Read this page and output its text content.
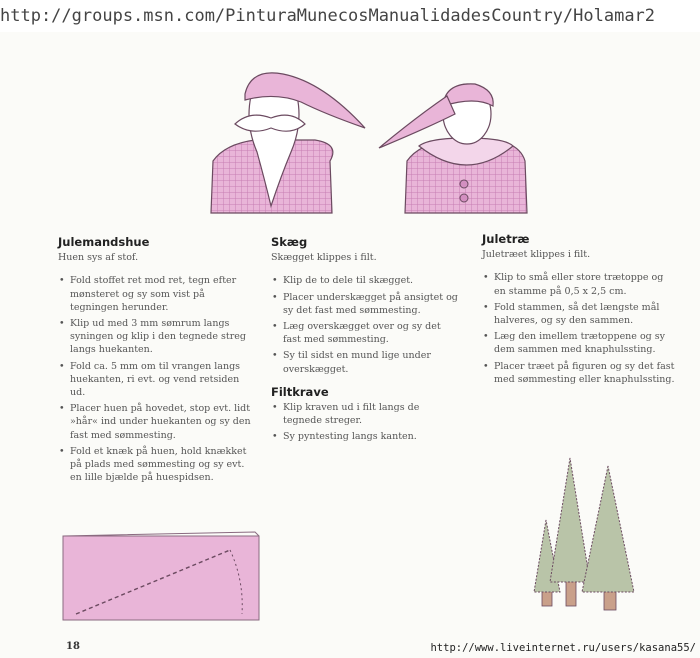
http://groups.msn.com/PinturaMunecosManualidadesCountry/Holamar2
Julemandshue
Huen sys af stof.
• Fold stoffet ret mod ret, tegn efter mønsteret og sy som vist på tegningen herunder.
• Klip ud med 3 mm sømrum langs syningen og klip i den tegnede streg langs huekanten.
• Fold ca. 5 mm om til vrangen langs huekanten, ri evt. og vend retsiden ud.
• Placer huen på hovedet, stop evt. lidt »hår« ind under huekanten og sy den fast med sømmesting.
• Fold et knæk på huen, hold knækket på plads med sømmesting og sy evt. en lille bjælde på huespidsen.
Skæg
Skægget klippes i filt.
• Klip de to dele til skægget.
• Placer underskægget på ansigtet og sy det fast med sømmesting.
• Læg overskægget over og sy det fast med sømmesting.
• Sy til sidst en mund lige under overskægget.
Filtkrave
• Klip kraven ud i filt langs de tegnede streger.
• Sy pyntesting langs kanten.
Juletræ
Juletræet klippes i filt.
• Klip to små eller store trætoppe og en stamme på 0,5 x 2,5 cm.
• Fold stammen, så det længste mål halveres, og sy den sammen.
• Læg den imellem trætoppene og sy dem sammen med knaphulssting.
• Placer træet på figuren og sy det fast med sømmesting eller knaphulssting.
18	http://www.liveinternet.ru/users/kasana55/
